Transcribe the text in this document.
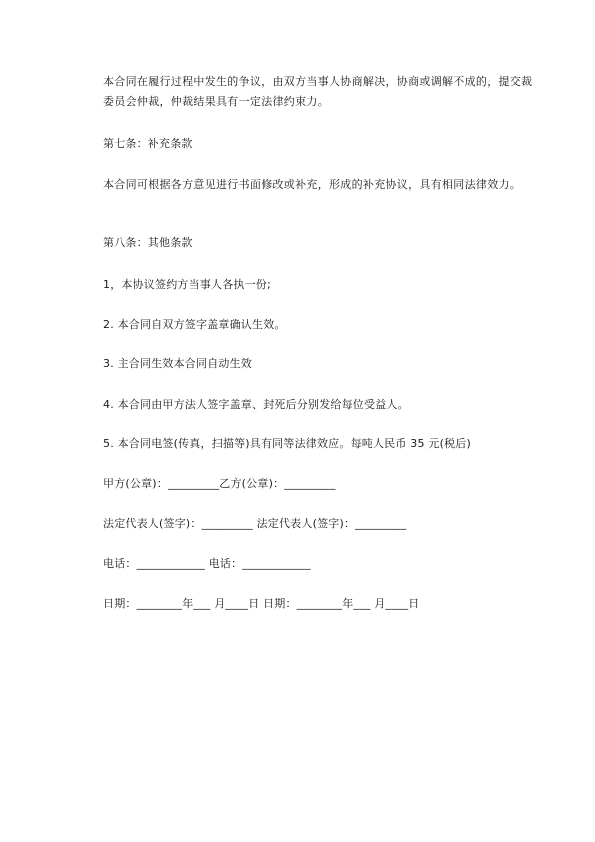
本合同在履行过程中发生的争议，由双方当事人协商解决，协商或调解不成的，提交裁委员会仲裁，仲裁结果具有一定法律约束力。
第七条：补充条款
本合同可根据各方意见进行书面修改或补充，形成的补充协议，具有相同法律效力。
第八条：其他条款
1，本协议签约方当事人各执一份;
2. 本合同自双方签字盖章确认生效。
3. 主合同生效本合同自动生效
4. 本合同由甲方法人签字盖章、封死后分别发给每位受益人。
5. 本合同电签(传真，扫描等)具有同等法律效应。每吨人民币 35 元(税后)
甲方(公章)：_________乙方(公章)：_________
法定代表人(签字)：_________ 法定代表人(签字)：_________
电话：____________ 电话：____________
日期：________年___ 月____日 日期：________年___ 月____日
